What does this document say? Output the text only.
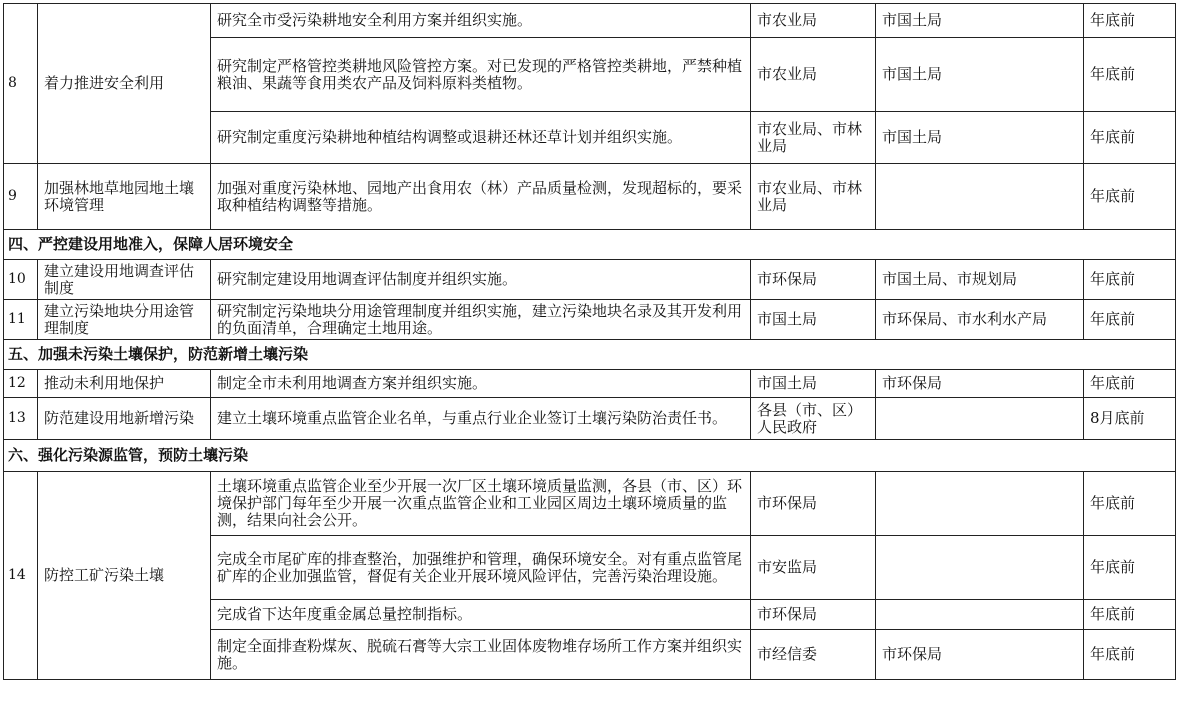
8	着力推进安全利用	研究全市受污染耕地安全利用方案并组织实施。	市农业局	市国土局	年底前
		研究制定严格管控类耕地风险管控方案。对已发现的严格管控类耕地，严禁种植粮油、果蔬等食用类农产品及饲料原料类植物。	市农业局	市国土局	年底前
		研究制定重度污染耕地种植结构调整或退耕还林还草计划并组织实施。	市农业局、市林业局	市国土局	年底前
9	加强林地草地园地土壤环境管理	加强对重度污染林地、园地产出食用农（林）产品质量检测，发现超标的，要采取种植结构调整等措施。	市农业局、市林业局		年底前
四、严控建设用地准入，保障人居环境安全					
10	建立建设用地调查评估制度	研究制定建设用地调查评估制度并组织实施。	市环保局	市国土局、市规划局	年底前
11	建立污染地块分用途管理制度	研究制定污染地块分用途管理制度并组织实施，建立污染地块名录及其开发利用的负面清单，合理确定土地用途。	市国土局	市环保局、市水利水产局	年底前
五、加强未污染土壤保护，防范新增土壤污染					
12	推动未利用地保护	制定全市未利用地调查方案并组织实施。	市国土局	市环保局	年底前
13	防范建设用地新增污染	建立土壤环境重点监管企业名单，与重点行业企业签订土壤污染防治责任书。	各县（市、区）人民政府		8月底前
六、强化污染源监管，预防土壤污染					
14	防控工矿污染土壤	土壤环境重点监管企业至少开展一次厂区土壤环境质量监测，各县（市、区）环境保护部门每年至少开展一次重点监管企业和工业园区周边土壤环境质量的监测，结果向社会公开。	市环保局		年底前
		完成全市尾矿库的排查整治，加强维护和管理，确保环境安全。对有重点监管尾矿库的企业加强监管，督促有关企业开展环境风险评估，完善污染治理设施。	市安监局		年底前
		完成省下达年度重金属总量控制指标。	市环保局		年底前
		制定全面排查粉煤灰、脱硫石膏等大宗工业固体废物堆存场所工作方案并组织实施。	市经信委	市环保局	年底前
